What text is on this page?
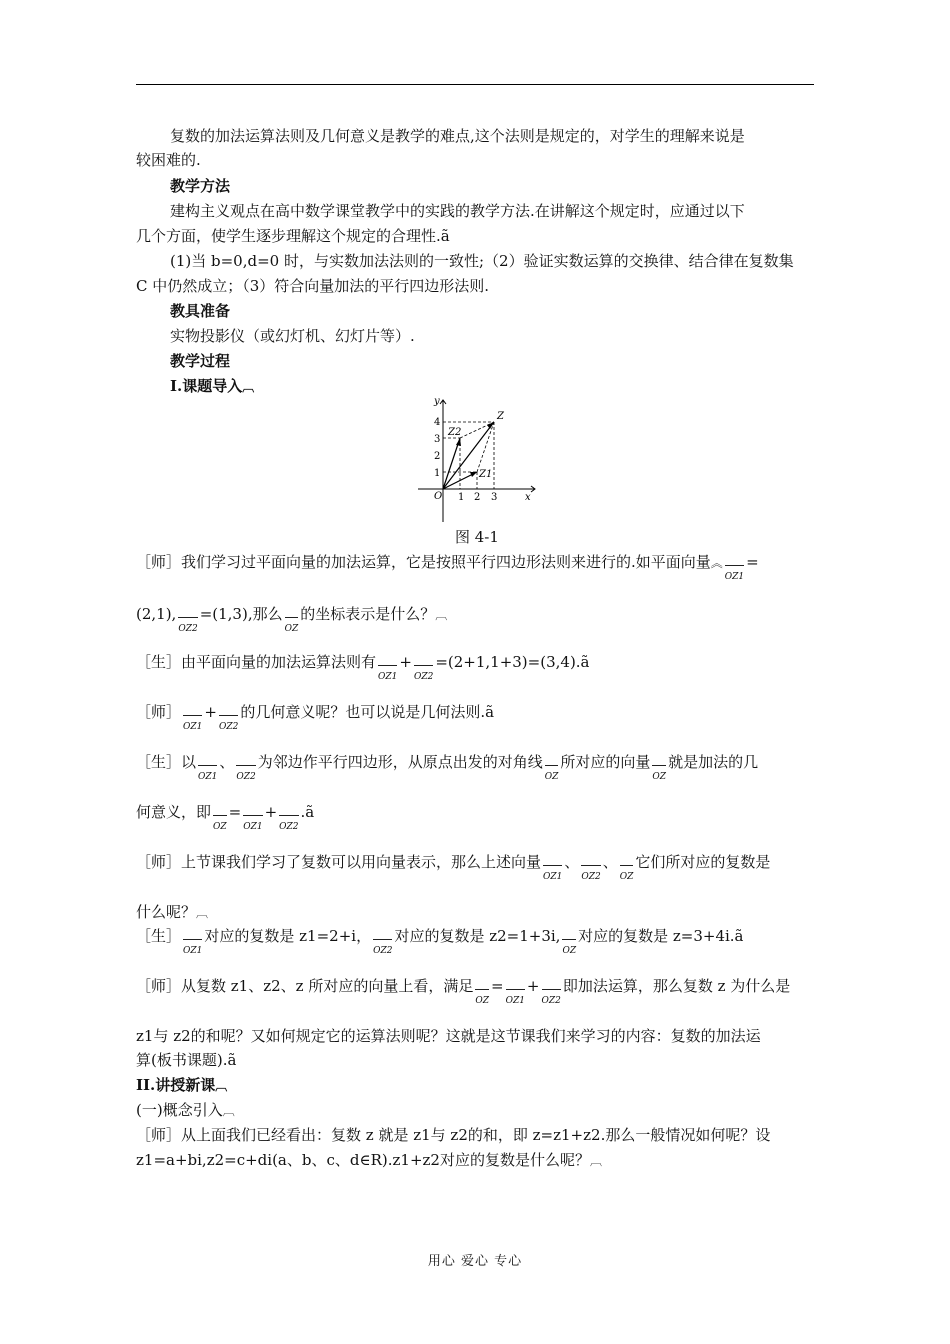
复数的加法运算法则及几何意义是教学的难点,这个法则是规定的，对学生的理解来说是

较困难的.

教学方法

建构主义观点在高中数学课堂教学中的实践的教学方法.在讲解这个规定时，应通过以下

几个方面，使学生逐步理解这个规定的合理性.ã

(1)当 b=0,d=0 时，与实数加法法则的一致性;（2）验证实数运算的交换律、结合律在复数集

C 中仍然成立；（3）符合向量加法的平行四边形法则.

教具准备

实物投影仪（或幻灯机、幻灯片等）.

教学过程

I.课题导入︹

O	x
y
1 2 3
1
2
3
4
Z
Z2
Z1
图 4-1

［师］我们学习过平面向量的加法运算，它是按照平行四边形法则来进行的.如平面向量︽OZ1=

(2,1),OZ2=(1,3),那么OZ的坐标表示是什么？︹

［生］由平面向量的加法运算法则有OZ1+OZ2=(2+1,1+3)=(3,4).ã

［师］OZ1+OZ2的几何意义呢？也可以说是几何法则.ã

［生］以OZ1、OZ2为邻边作平行四边形，从原点出发的对角线OZ所对应的向量OZ就是加法的几

何意义，即OZ=OZ1+OZ2.ã

［师］上节课我们学习了复数可以用向量表示，那么上述向量OZ1、OZ2、OZ它们所对应的复数是

什么呢？︹

［生］OZ1对应的复数是 z1=2+i，OZ2对应的复数是 z2=1+3i,OZ对应的复数是 z=3+4i.ã

［师］从复数 z1、z2、z 所对应的向量上看，满足OZ=OZ1+OZ2即加法运算，那么复数 z 为什么是

z1与 z2的和呢？又如何规定它的运算法则呢？这就是这节课我们来学习的内容：复数的加法运

算(板书课题).ã

II.讲授新课︹

(一)概念引入︹

［师］从上面我们已经看出：复数 z 就是 z1与 z2的和，即 z=z1+z2.那么一般情况如何呢？设

z1=a+bi,z2=c+di(a、b、c、d∈R).z1+z2对应的复数是什么呢？︹

用心 爱心 专心
